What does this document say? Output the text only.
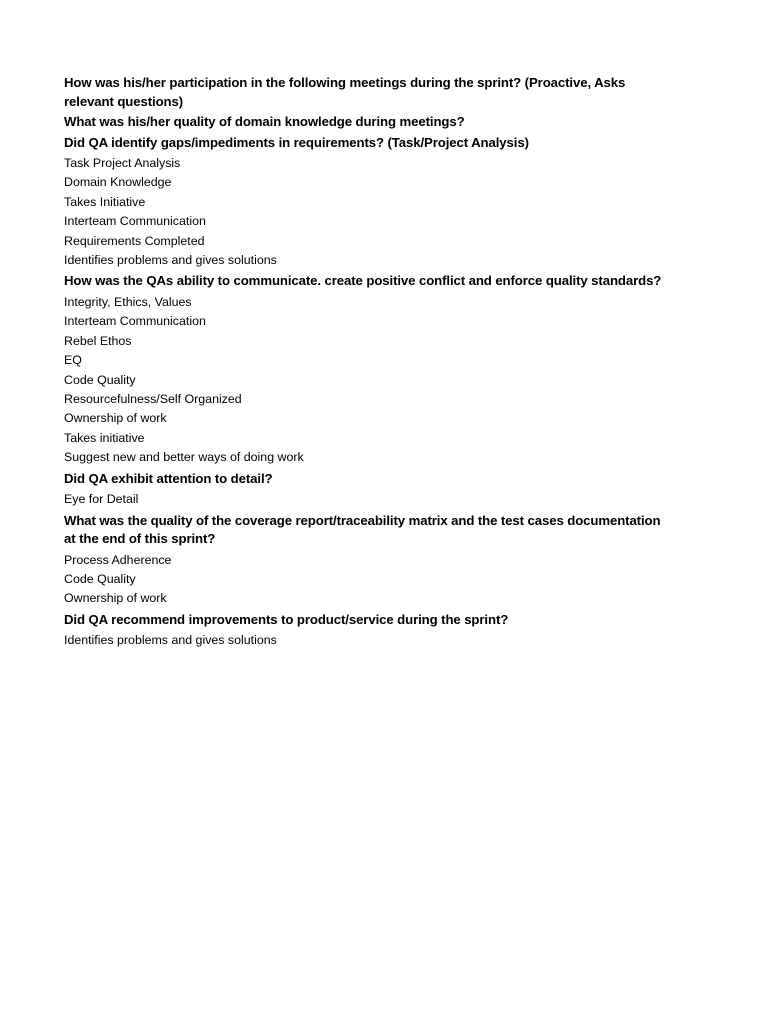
How was his/her participation in the following meetings during the sprint? (Proactive, Asks relevant questions)

What was his/her quality of domain knowledge during meetings?

Did QA identify gaps/impediments in requirements? (Task/Project Analysis)

Task Project Analysis
Domain Knowledge
Takes Initiative
Interteam Communication
Requirements Completed
Identifies problems and gives solutions

How was the QAs ability to communicate. create positive conflict and enforce quality standards?

Integrity, Ethics, Values
Interteam Communication
Rebel Ethos
EQ
Code Quality
Resourcefulness/Self Organized
Ownership of work
Takes initiative
Suggest new and better ways of doing work

Did QA exhibit attention to detail?

Eye for Detail

What was the quality of the coverage report/traceability matrix and the test cases documentation at the end of this sprint?

Process Adherence
Code Quality
Ownership of work

Did QA recommend improvements to product/service during the sprint?

Identifies problems and gives solutions
